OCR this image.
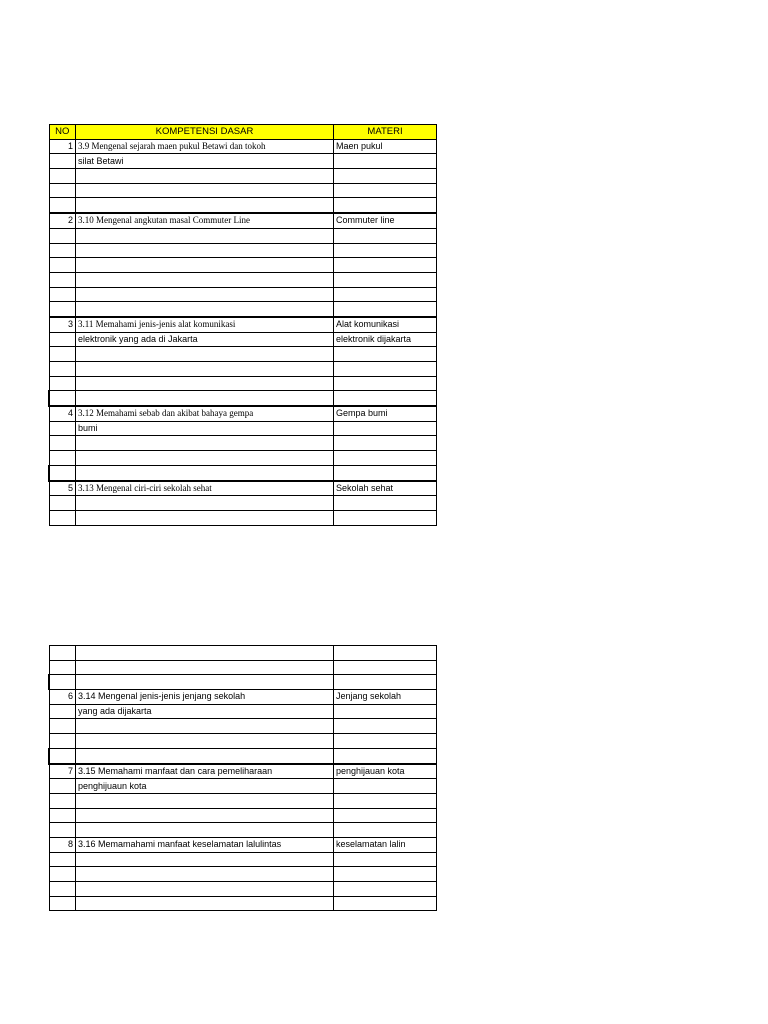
NO	KOMPETENSI DASAR	MATERI
1	3.9 Mengenal sejarah maen pukul Betawi dan tokoh	Maen pukul
	silat Betawi	

2	3.10 Mengenal angkutan masal Commuter Line	Commuter line

3	3.11 Memahami jenis-jenis alat komunikasi	Alat komunikasi
	elektronik yang ada di Jakarta	elektronik dijakarta

4	3.12 Memahami sebab dan akibat bahaya gempa	Gempa bumi
	bumi	

5	3.13 Mengenal ciri-ciri sekolah sehat	Sekolah sehat

6	3.14 Mengenal jenis-jenis jenjang sekolah	Jenjang sekolah
	yang ada dijakarta	

7	3.15 Memahami manfaat dan cara pemeliharaan	penghijauan kota
	penghijuaun kota	

8	3.16 Memamahami manfaat keselamatan lalulintas	keselamatan lalin
